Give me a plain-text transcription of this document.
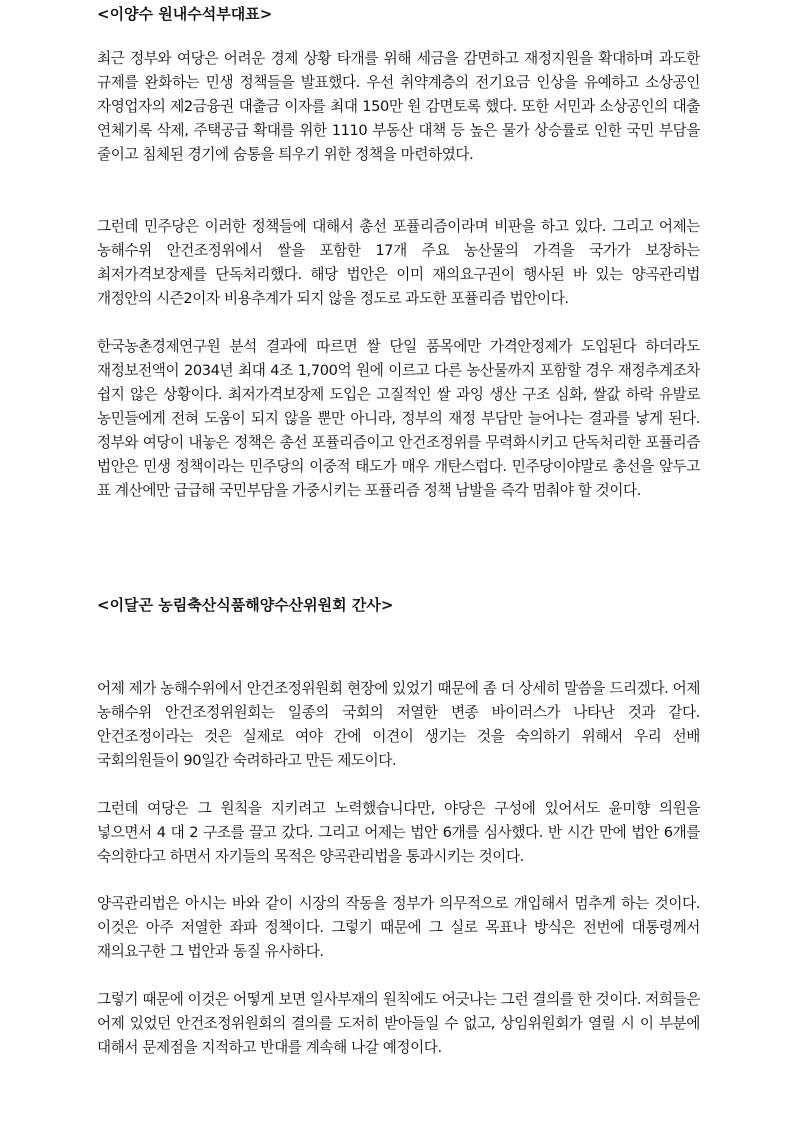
<이양수 원내수석부대표>

최근 정부와 여당은 어려운 경제 상황 타개를 위해 세금을 감면하고 재정지원을 확대하며 과도한 규제를 완화하는 민생 정책들을 발표했다. 우선 취약계층의 전기요금 인상을 유예하고 소상공인 자영업자의 제2금융권 대출금 이자를 최대 150만 원 감면토록 했다. 또한 서민과 소상공인의 대출 연체기록 삭제, 주택공급 확대를 위한 1110 부동산 대책 등 높은 물가 상승률로 인한 국민 부담을 줄이고 침체된 경기에 숨통을 틔우기 위한 정책을 마련하였다.

그런데 민주당은 이러한 정책들에 대해서 총선 포퓰리즘이라며 비판을 하고 있다. 그리고 어제는 농해수위 안건조정위에서 쌀을 포함한 17개 주요 농산물의 가격을 국가가 보장하는 최저가격보장제를 단독처리했다. 해당 법안은 이미 재의요구권이 행사된 바 있는 양곡관리법 개정안의 시즌2이자 비용추계가 되지 않을 정도로 과도한 포퓰리즘 법안이다.

한국농촌경제연구원 분석 결과에 따르면 쌀 단일 품목에만 가격안정제가 도입된다 하더라도 재정보전액이 2034년 최대 4조 1,700억 원에 이르고 다른 농산물까지 포함할 경우 재정추계조차 쉽지 않은 상황이다. 최저가격보장제 도입은 고질적인 쌀 과잉 생산 구조 심화, 쌀값 하락 유발로 농민들에게 전혀 도움이 되지 않을 뿐만 아니라, 정부의 재정 부담만 늘어나는 결과를 낳게 된다. 정부와 여당이 내놓은 정책은 총선 포퓰리즘이고 안건조정위를 무력화시키고 단독처리한 포퓰리즘 법안은 민생 정책이라는 민주당의 이중적 태도가 매우 개탄스럽다. 민주당이야말로 총선을 앞두고 표 계산에만 급급해 국민부담을 가중시키는 포퓰리즘 정책 남발을 즉각 멈춰야 할 것이다.

<이달곤 농림축산식품해양수산위원회 간사>

어제 제가 농해수위에서 안건조정위원회 현장에 있었기 때문에 좀 더 상세히 말씀을 드리겠다. 어제 농해수위 안건조정위원회는 일종의 국회의 저열한 변종 바이러스가 나타난 것과 같다. 안건조정이라는 것은 실제로 여야 간에 이견이 생기는 것을 숙의하기 위해서 우리 선배 국회의원들이 90일간 숙려하라고 만든 제도이다.

그런데 여당은 그 원칙을 지키려고 노력했습니다만, 야당은 구성에 있어서도 윤미향 의원을 넣으면서 4 대 2 구조를 끌고 갔다. 그리고 어제는 법안 6개를 심사했다. 반 시간 만에 법안 6개를 숙의한다고 하면서 자기들의 목적은 양곡관리법을 통과시키는 것이다.

양곡관리법은 아시는 바와 같이 시장의 작동을 정부가 의무적으로 개입해서 멈추게 하는 것이다. 이것은 아주 저열한 좌파 정책이다. 그렇기 때문에 그 실로 목표나 방식은 전번에 대통령께서 재의요구한 그 법안과 동질 유사하다.

그렇기 때문에 이것은 어떻게 보면 일사부재의 원칙에도 어긋나는 그런 결의를 한 것이다. 저희들은 어제 있었던 안건조정위원회의 결의를 도저히 받아들일 수 없고, 상임위원회가 열릴 시 이 부분에 대해서 문제점을 지적하고 반대를 계속해 나갈 예정이다.
